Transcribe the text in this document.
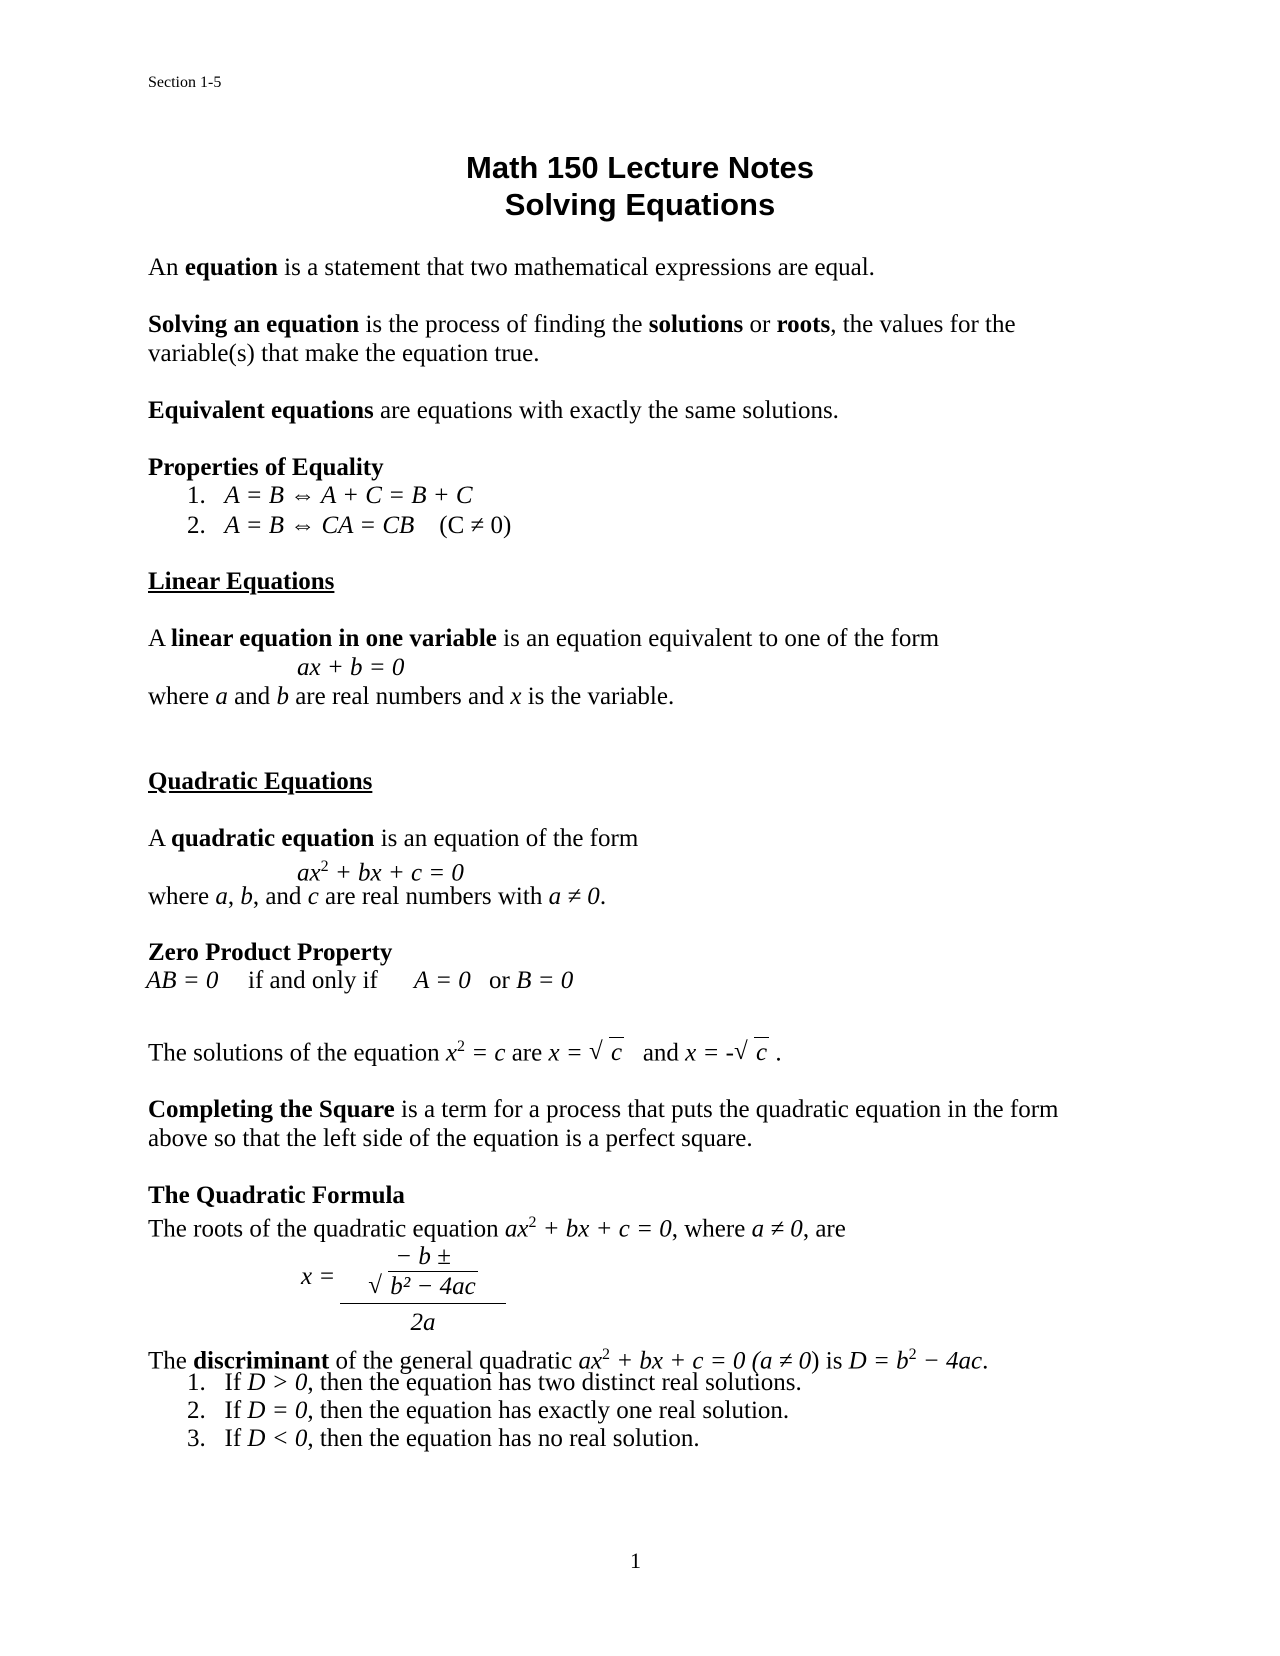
Section 1-5
Math 150 Lecture Notes
Solving Equations
An equation is a statement that two mathematical expressions are equal.
Solving an equation is the process of finding the solutions or roots, the values for the
variable(s) that make the equation true.
Equivalent equations are equations with exactly the same solutions.
Properties of Equality
1. A = B ⇔ A + C = B + C
2. A = B ⇔ CA = CB (C ≠ 0)
Linear Equations
A linear equation in one variable is an equation equivalent to one of the form
ax + b = 0
where a and b are real numbers and x is the variable.
Quadratic Equations
A quadratic equation is an equation of the form
$ax^2$ + bx + c = 0
where a, b, and c are real numbers with a ≠ 0.
Zero Product Property
AB = 0 if and only if A = 0 or B = 0
The solutions of the equation $x^2 = c$ are x = √ c   and x = - √ c .
Completing the Square is a term for a process that puts the quadratic equation in the form
above so that the left side of the equation is a perfect square.
The Quadratic Formula
The roots of the quadratic equation $ax^2$ + bx + c = 0, where a ≠ 0, are
x = − b ±
√ b² − 4ac
2a
The discriminant of the general quadratic $ax^2$ + bx + c = 0 (a ≠ 0) is $D = b^2 - 4ac$.
1. If D > 0, then the equation has two distinct real solutions.
2. If D = 0, then the equation has exactly one real solution.
3. If D < 0, then the equation has no real solution.
1
